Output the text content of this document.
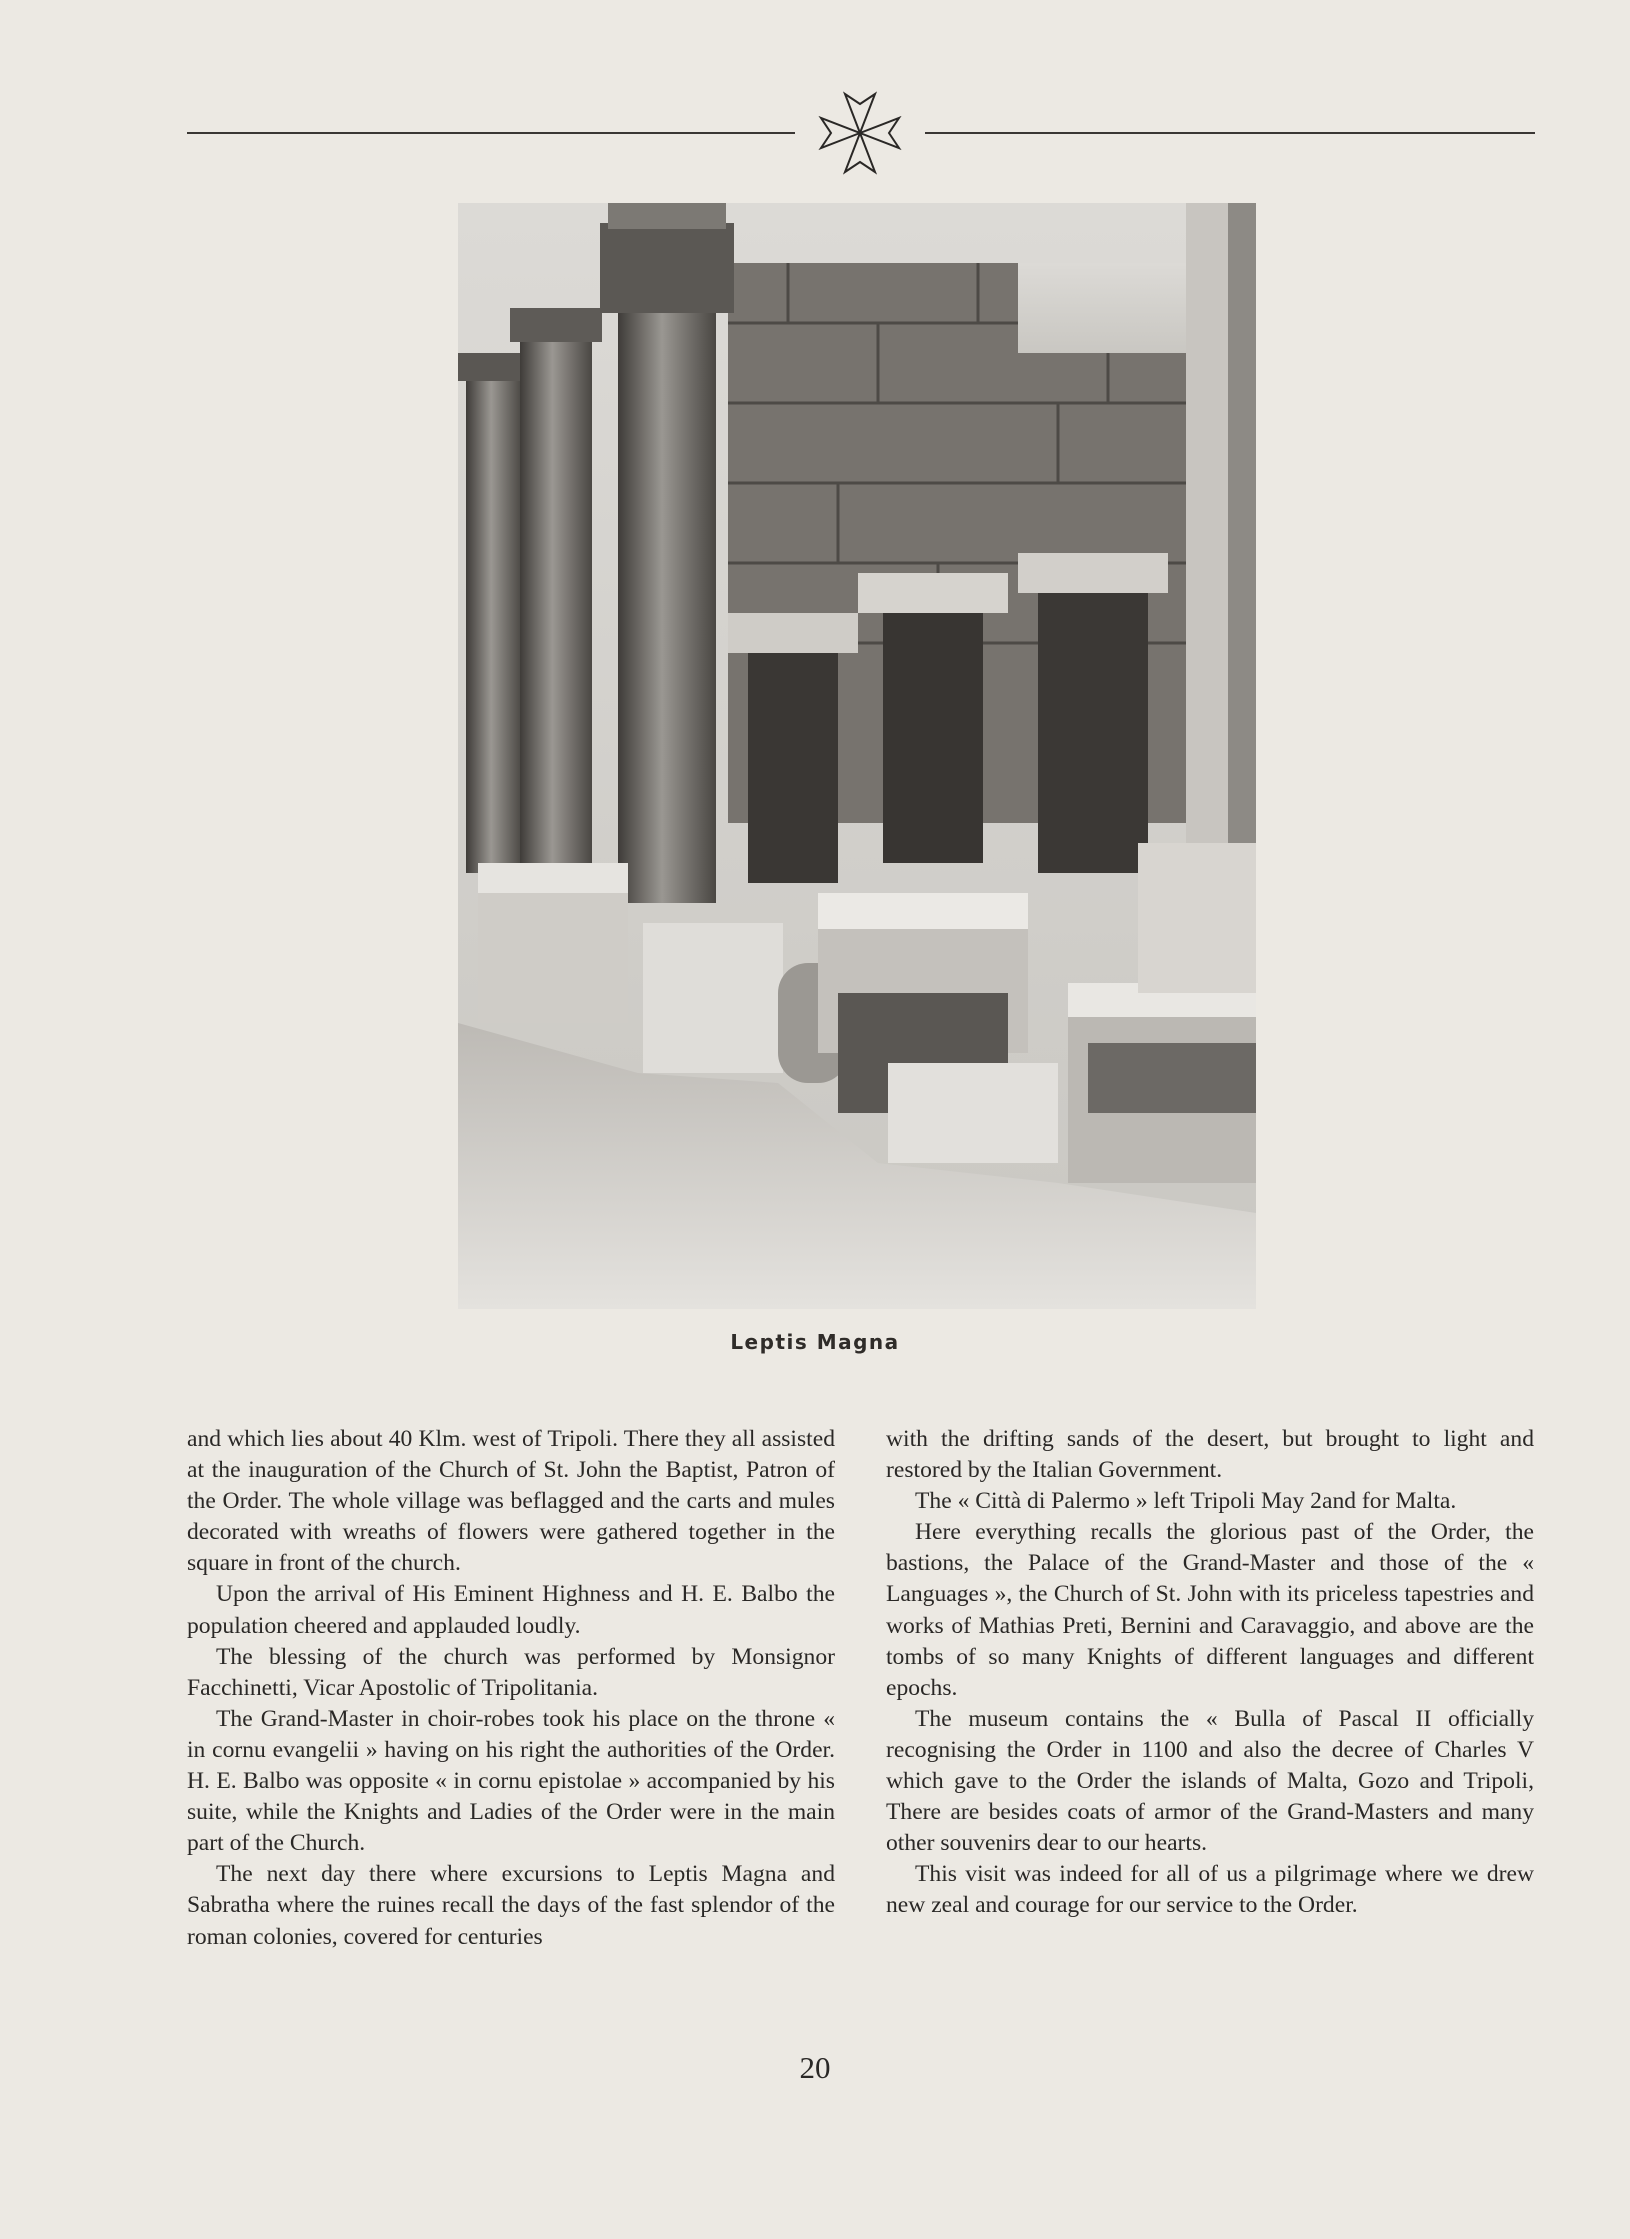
Leptis Magna

and which lies about 40 Klm. west of Tripoli. There they all assisted at the inauguration of the Church of St. John the Baptist, Patron of the Order. The whole village was beflagged and the carts and mules decorated with wreaths of flowers were gathered together in the square in front of the church.

Upon the arrival of His Eminent Highness and H. E. Balbo the population cheered and applauded loudly.

The blessing of the church was performed by Monsignor Facchinetti, Vicar Apostolic of Tripolitania.

The Grand-Master in choir-robes took his place on the throne « in cornu evangelii » having on his right the authorities of the Order. H. E. Balbo was opposite « in cornu epistolae » accompanied by his suite, while the Knights and Ladies of the Order were in the main part of the Church.

The next day there where excursions to Leptis Magna and Sabratha where the ruines recall the days of the fast splendor of the roman colonies, covered for centuries

with the drifting sands of the desert, but brought to light and restored by the Italian Government.

The « Città di Palermo » left Tripoli May 2and for Malta.

Here everything recalls the glorious past of the Order, the bastions, the Palace of the Grand-Master and those of the « Languages », the Church of St. John with its priceless tapestries and works of Mathias Preti, Bernini and Caravaggio, and above are the tombs of so many Knights of different languages and different epochs.

The museum contains the « Bulla of Pascal II officially recognising the Order in 1100 and also the decree of Charles V which gave to the Order the islands of Malta, Gozo and Tripoli, There are besides coats of armor of the Grand-Masters and many other souvenirs dear to our hearts.

This visit was indeed for all of us a pilgrimage where we drew new zeal and courage for our service to the Order.

20
